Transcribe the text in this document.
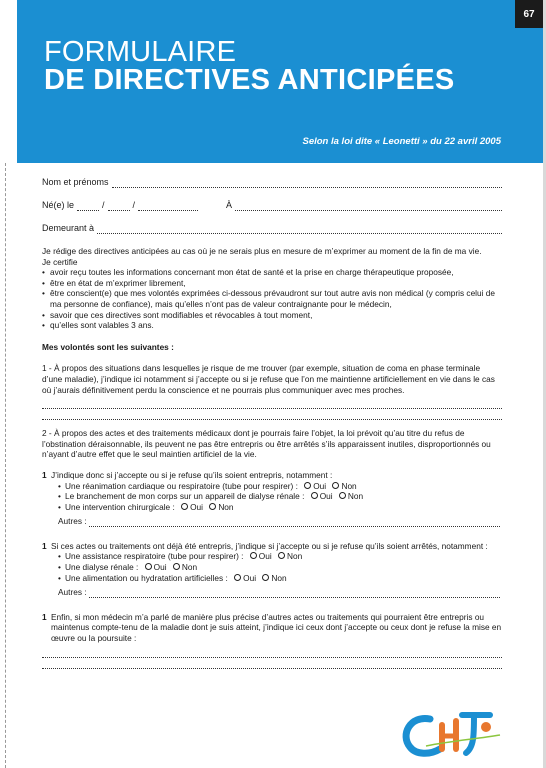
FORMULAIRE
DE DIRECTIVES ANTICIPÉES
Selon la loi dite « Leonetti » du 22 avril 2005
67
Nom et prénoms
Né(e) le	/	/	À
Demeurant à

Je rédige des directives anticipées au cas où je ne serais plus en mesure de m’exprimer au moment de la fin de ma vie.

Je certifie

• avoir reçu toutes les informations concernant mon état de santé et la prise en charge thérapeutique proposée,
• être en état de m’exprimer librement,
• être conscient(e) que mes volontés exprimées ci-dessous prévaudront sur tout autre avis non médical (y compris celui de ma personne de confiance), mais qu’elles n’ont pas de valeur contraignante pour le médecin,
• savoir que ces directives sont modifiables et révocables à tout moment,
• qu’elles sont valables 3 ans.
Mes volontés sont les suivantes :

1 - À propos des situations dans lesquelles je risque de me trouver (par exemple, situation de coma en phase terminale d’une maladie), j’indique ici notamment si j’accepte ou si je refuse que l’on me maintienne artificiellement en vie dans le cas où j’aurais définitivement perdu la conscience et ne pourrais plus communiquer avec mes proches.

2 - À propos des actes et des traitements médicaux dont je pourrais faire l’objet, la loi prévoit qu’au titre du refus de l’obstination déraisonnable, ils peuvent ne pas être entrepris ou être arrêtés s’ils apparaissent inutiles, disproportionnés ou n’ayant d’autre effet que le seul maintien artificiel de la vie.

1 J’indique donc si j’accepte ou si je refuse qu’ils soient entrepris, notamment :
• Une réanimation cardiaque ou respiratoire (tube pour respirer) : Oui Non
• Le branchement de mon corps sur un appareil de dialyse rénale : Oui Non
• Une intervention chirurgicale : Oui Non
Autres :
1 Si ces actes ou traitements ont déjà été entrepris, j’indique si j’accepte ou si je refuse qu’ils soient arrêtés, notamment :
• Une assistance respiratoire (tube pour respirer) : Oui Non
• Une dialyse rénale : Oui Non
• Une alimentation ou hydratation artificielles : Oui Non
Autres :
1 Enfin, si mon médecin m’a parlé de manière plus précise d’autres actes ou traitements qui pourraient être entrepris ou maintenus compte-tenu de la maladie dont je suis atteint, j’indique ici ceux dont j’accepte ou ceux dont je refuse la mise en œuvre ou la poursuite :
